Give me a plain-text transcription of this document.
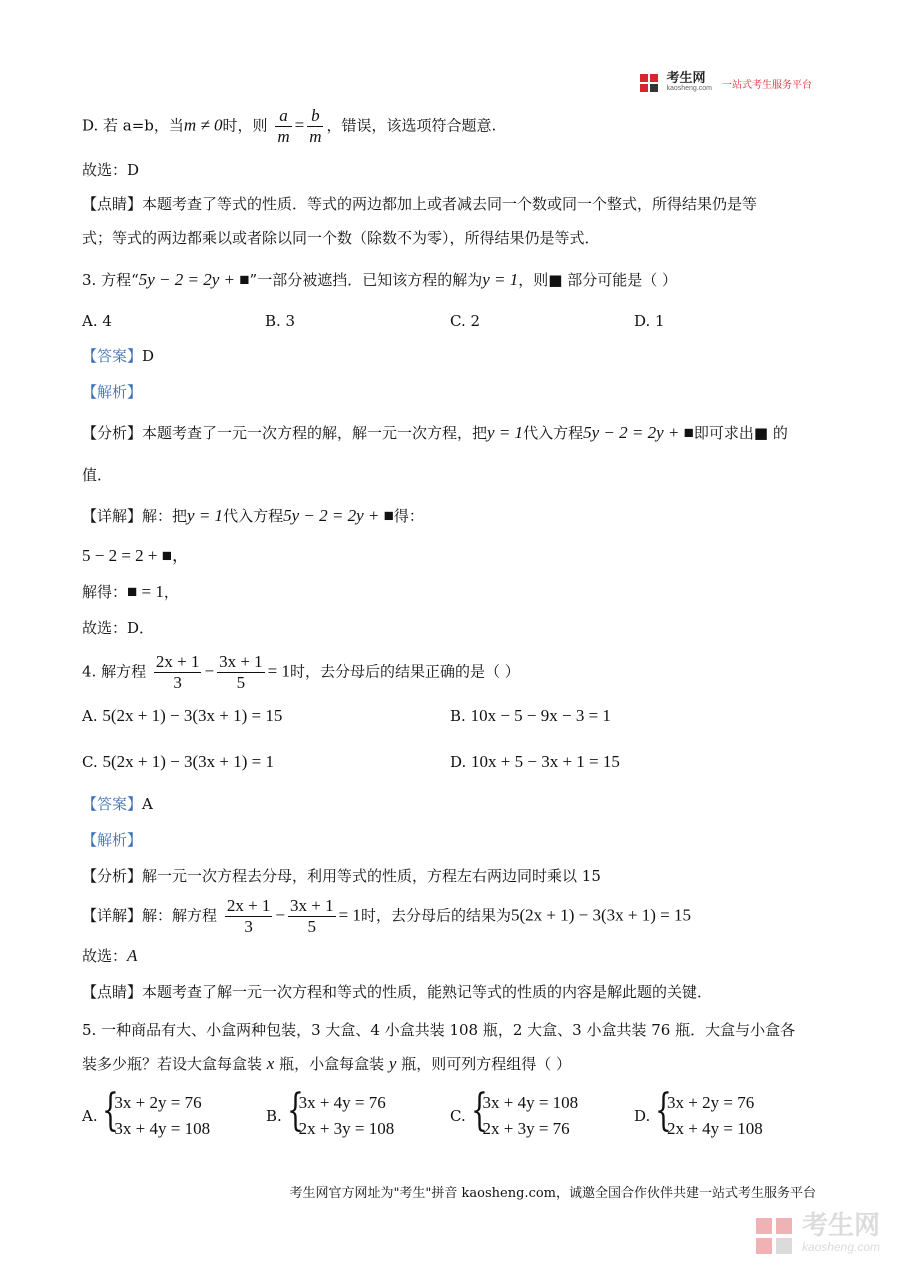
考生网
kaosheng.com 一站式考生服务平台
D. 若 a=b，当m ≠ 0时，则 $\frac{a}{m} = \frac{b}{m}$ ，错误，该选项符合题意.
故选：D
【点睛】本题考查了等式的性质．等式的两边都加上或者减去同一个数或同一个整式，所得结果仍是等
式；等式的两边都乘以或者除以同一个数（除数不为零），所得结果仍是等式．
3. 方程“5y − 2 = 2y + ■”一部分被遮挡．已知该方程的解为y = 1，则■ 部分可能是（ ）
A. 4	B. 3	C. 2	D. 1
【答案】D
【解析】
【分析】本题考查了一元一次方程的解，解一元一次方程，把y = 1代入方程5y − 2 = 2y + ■即可求出■ 的
值．
【详解】解：把y = 1代入方程5y − 2 = 2y + ■得：
5 − 2 = 2 + ■，
解得：■ = 1，
故选：D．
4. 解方程 $\frac{2x + 1}{3} - \frac{3x + 1}{5} = 1$时，去分母后的结果正确的是（ ）
A. 5(2x + 1) − 3(3x + 1) = 15	B. 10x − 5 − 9x − 3 = 1
C. 5(2x + 1) − 3(3x + 1) = 1	D. 10x + 5 − 3x + 1 = 15
【答案】A
【解析】
【分析】解一元一次方程去分母，利用等式的性质，方程左右两边同时乘以 15
【详解】解：解方程 $\frac{2x + 1}{3} - \frac{3x + 1}{5} = 1$时，去分母后的结果为5(2x + 1) − 3(3x + 1) = 15
故选：A
【点睛】本题考查了解一元一次方程和等式的性质，能熟记等式的性质的内容是解此题的关键．
5. 一种商品有大、小盒两种包装，3 大盒、4 小盒共装 108 瓶，2 大盒、3 小盒共装 76 瓶．大盒与小盒各
装多少瓶？若设大盒每盒装 x 瓶，小盒每盒装 y 瓶，则可列方程组得（ ）
A. {
3x + 2y = 76
3x + 4y = 108
B. {
3x + 4y = 76
2x + 3y = 108
C. {
3x + 4y = 108
2x + 3y = 76
D. {
3x + 2y = 76
2x + 4y = 108
考生网官方网址为"考生"拼音 kaosheng.com，诚邀全国合作伙伴共建一站式考生服务平台
考生网
kaosheng.com
